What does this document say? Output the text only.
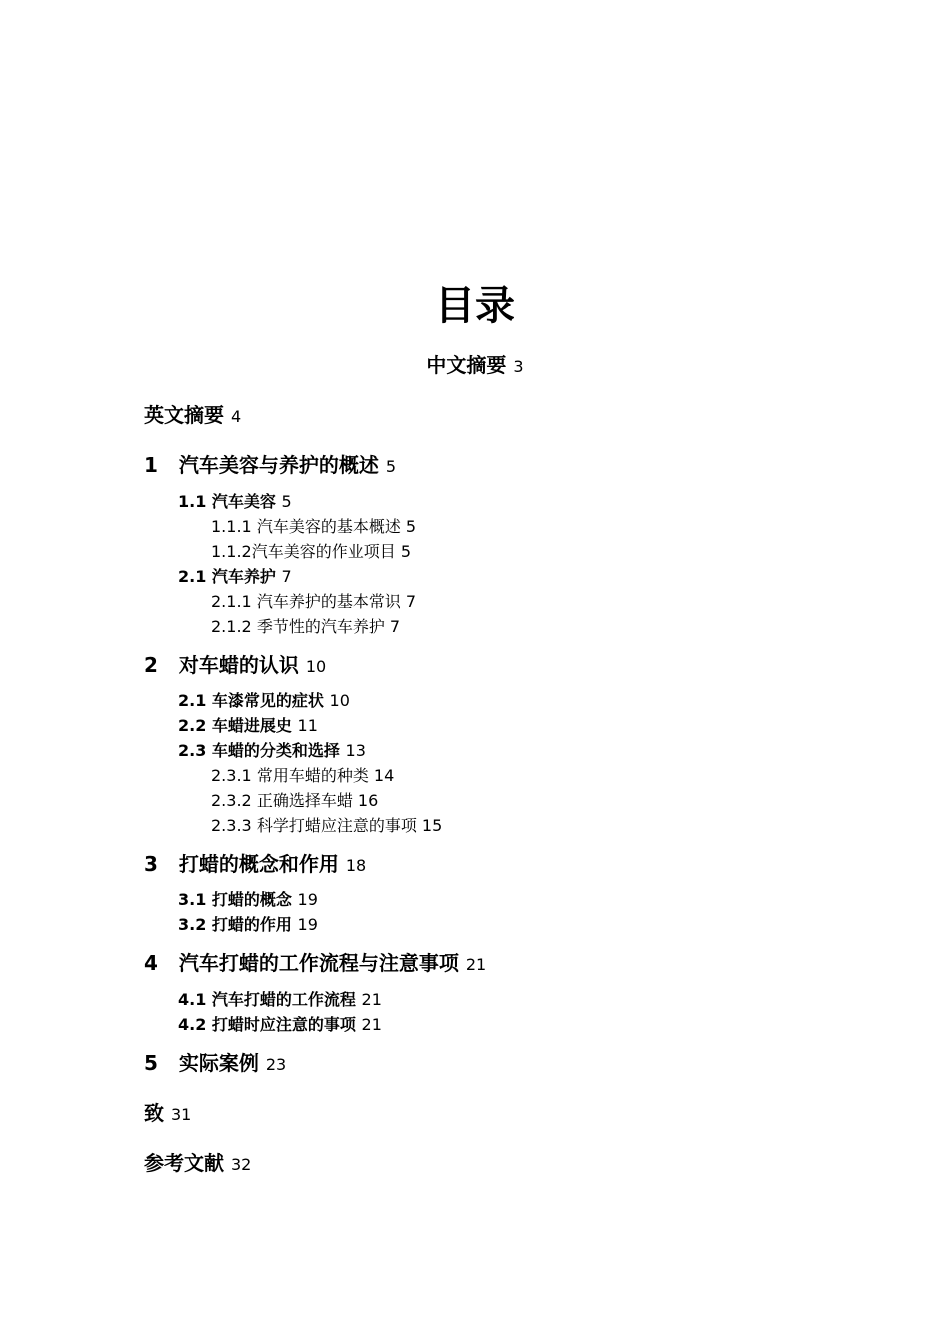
目录
中文摘要 3
英文摘要 4
1 汽车美容与养护的概述 5
1.1 汽车美容 5
1.1.1 汽车美容的基本概述 5
1.1.2汽车美容的作业项目 5
2.1 汽车养护 7
2.1.1 汽车养护的基本常识 7
2.1.2 季节性的汽车养护 7
2 对车蜡的认识 10
2.1 车漆常见的症状 10
2.2 车蜡进展史 11
2.3 车蜡的分类和选择 13
2.3.1 常用车蜡的种类 14
2.3.2 正确选择车蜡 16
2.3.3 科学打蜡应注意的事项 15
3 打蜡的概念和作用 18
3.1 打蜡的概念 19
3.2 打蜡的作用 19
4 汽车打蜡的工作流程与注意事项 21
4.1 汽车打蜡的工作流程 21
4.2 打蜡时应注意的事项 21
5 实际案例 23
致 31
参考文献 32
